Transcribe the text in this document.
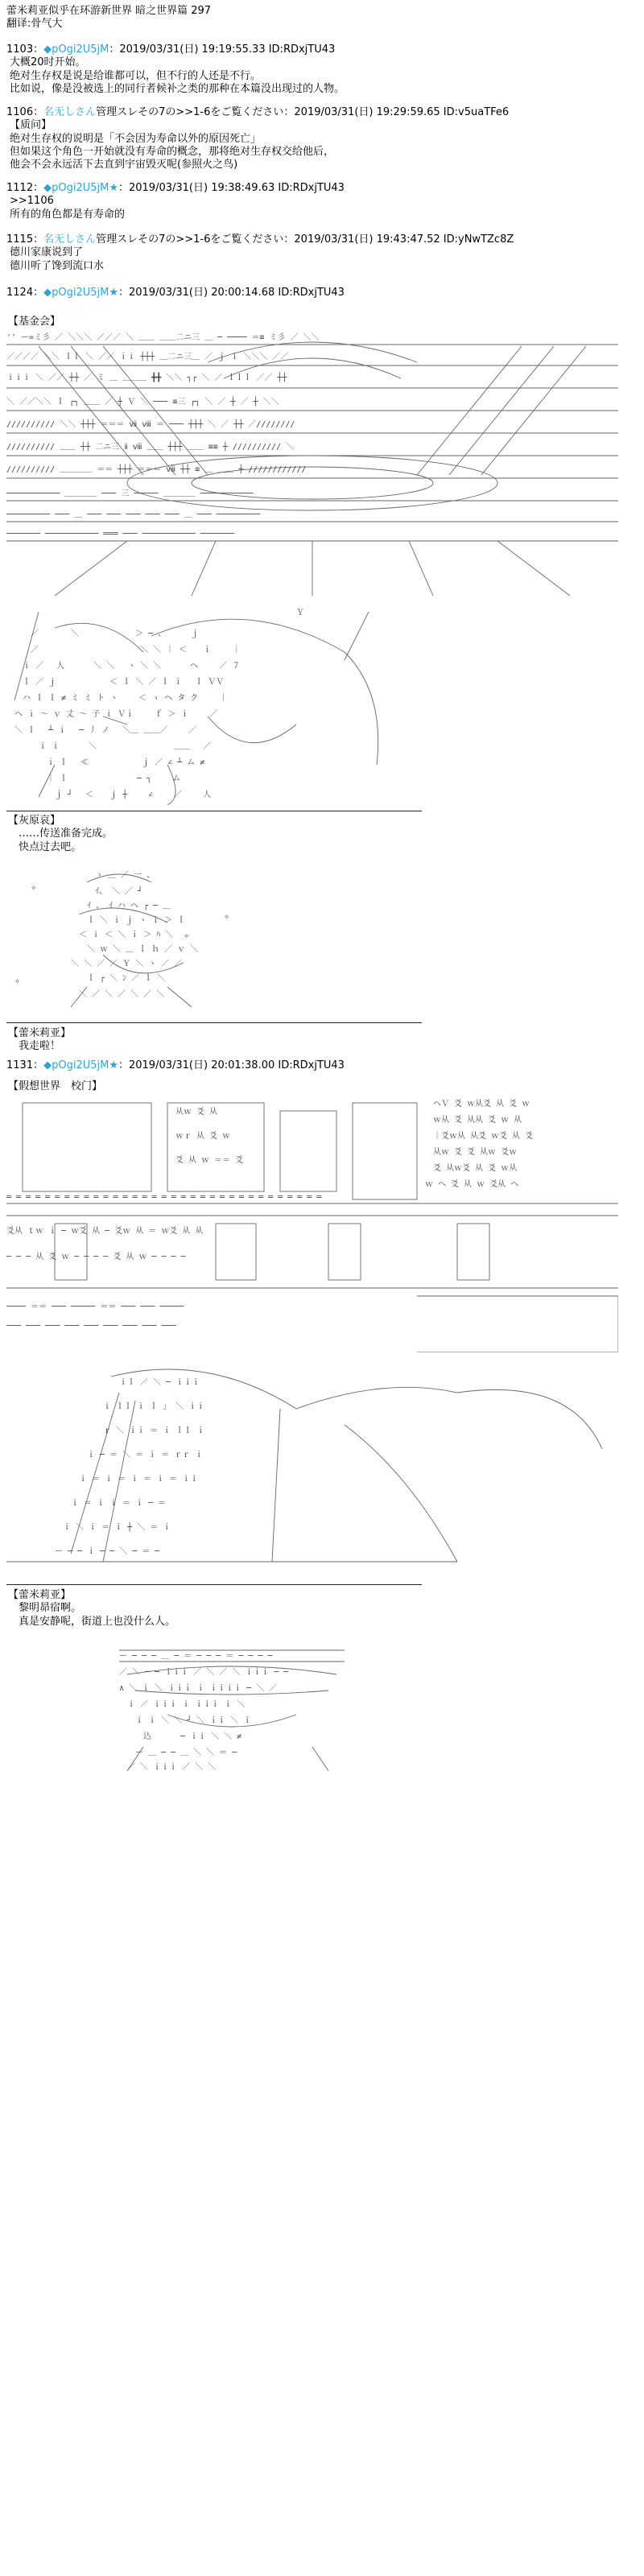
蕾米莉亚似乎在环游新世界 暗之世界篇 297
翻译:骨气大
1103：◆pOgi2U5jM：2019/03/31(日) 19:19:55.33 ID:RDxjTU43
大概20时开始。
绝对生存权是说是给谁都可以，但不行的人还是不行。
比如说，像是没被选上的同行者候补之类的那种在本篇没出现过的人物。
1106：名无しさん管理スレその7の>>1-6をご覧ください：2019/03/31(日) 19:29:59.65 ID:v5uaTFe6
【质问】
绝对生存权的说明是「不会因为寿命以外的原因死亡」
但如果这个角色一开始就没有寿命的概念，那将绝对生存权交给他后，
他会不会永远活下去直到宇宙毁灭呢(参照火之鸟)
1112：◆pOgi2U5jM★：2019/03/31(日) 19:38:49.63 ID:RDxjTU43
>>1106
所有的角色都是有寿命的
1115：名无しさん管理スレその7の>>1-6をご覧ください：2019/03/31(日) 19:43:47.52 ID:yNwTZc8Z
德川家康说到了
德川听了馋到流口水
1124：◆pOgi2U5jM★：2019/03/31(日) 20:00:14.68 ID:RDxjTU43
【基金会】
'' ー=ミ彡 ／ ＼＼＼ ／／／ ＼ ＿＿ ＿＿二ニ三 ＿ ─ ──── ＝≡ ミ彡 ／ ＼＼
／／／／ ＼＼ ｌｌ ＼ ／／ ｉｉ ┼┼┼ ＿二ニ三＿ ／ ｊ ｉ ＼＼＼ ／／
ｉｉｉ ＼ ／／ ┼┼ ／ ミ ＿ ＿＿＿ ╋╋ ＼＼ ┐┌ ＼ ／ ｌｌｌ ／／ ┼┼
＼ ／／＼＼ ｌ ┌┐ ＿＿ ／ ┼ Ｖ ＼ ─── ≡三 ┌┐ ＼ ／ ┼ ／ ┼ ＼＼
////////// ＼＼ ┼┼┼ ＝＝＝ ⅶ ⅷ ＝ ─── ┼┼┼ ＼ ／ ┼┼ ／////////
////////// ＿＿ ┼┼ 二ニ三 ⅱ ⅷ ＿＿ ┼┼┼ ＿＿ ≡≡ ┼ ////////// ＼
////////// ＿＿＿＿ ＝＝ ┼┼┼ ＝＝＝ ⅷ ┼┼ ≡ ＿ ＿＿ ┼ ////////////
─────────── ＿＿＿＿ ─── 三 ───── ＿＿＿＿ ───────────
───────── ─── ＿ ─── ─── ─── ─── ─── ＿ ─── ─────────
─────── ─────────── ═══ ─── ─────────── ───────
Ｙ
／　　　　＼　　　　　　　＞ ─ 、　　　 ｊ
／　　　　　　　　　　　　 ＼ ＼ ｜ ＜　　ｉ　　 ｜
ｉ ／　 人　　　 ＼ ＼　 ヽ ＼ ＼ 　　　ヘ　　 ／ ７
ｌ ／ ｊ　　　　　　 ＜ ｌ ＼ ／ ｌ ｉ　 ｌ ＶＶ
ハ ｌ ｌ ≠ ミ ミ ト ヽ　　 ＜ ゝ ヘ タ ク　　 ｜
ヘ ｉ ～ ｖ 丈 ～ 子 ｉ Ｖｉ　　 ｆ ＞ ｉ　　 ／
＼ ｌ　 ┴ ｉ　 ─ 丿 ノ　 ＼＿ ＿＿／　　 ／
ｉ ｉ　　　 ＼　　　　　　　　　 ＿＿　 ／
ｉ ｌ　 ≪　　　　　　 ｊ ／ ∠ ┴ ム ≠
｜ ｌ　　　　　　　　 ─ ┐　　 ム
ｊ ┘　 ＜　　ｊ ┼　　 ∠　　 ／　　 人
【灰原哀】
　……传送准备完成。
　快点过去吧。
✧
✧
✧
✧
ヽ ＿ ／ 一 、
ｲ、 ＼ ／ ┘
ｲ 、 ｲ ハ ヘ ┌ ─ ＿
ｌ ＼ ｉ ｊ ヽ ｉ ＞ ｌ
＜ ｉ ＜ ＼ ｉ ＞ ﾊ ＼
＼ ｗ ＼ ＿ ｌ ｈ ／ ｖ ＼
＼ ＼ ／ ／ Ｙ ＼ ヽ ／ ／
ｌ ┌ ＼ ﾝ ／ ｌ ＼
＼ ／ ＼ ／ ＼ ／ ＼
【蕾米莉亚】
　我走啦！
1131：◆pOgi2U5jM★：2019/03/31(日) 20:01:38.00 ID:RDxjTU43
【假想世界　校门】
ヘＶ 爻 ｗ从爻 从 爻 ｗ
ｗ从 爻 从从 爻 ｗ 从
｜爻ｗ从 从爻 ｗ爻 从 爻
从ｗ 爻 爻 从ｗ 爻ｗ
爻 从ｗ爻 从 爻 ｗ从
ｗ ヘ 爻 从 ｗ 爻从 ヘ
从ｗ 爻 从
ｗｒ 从 爻 ｗ
爻 从 ｗ ＝＝ 爻
═ ═ ═ ═ ═ ═ ═ ═ ═ ═ ═ ═ ═ ═ ═ ═ ═ ═ ═ ═ ═ ═ ═ ═ ═ ═ ═ ═ ═ ═ ═ ═ ═
爻从 ｔｗ ｉ ─ ｗ爻 从 ─ 爻ｗ 从 ＝ ｗ爻 从 从
─ ─ ─ 从 爻 ｗ ─ ─ ─ ─ 爻 从 ｗ ─ ─ ─ ─
──── ＝＝ ─── ───── ＝＝ ─── ─── ─────
─── ─── ─── ─── ─── ─── ─── ─── ───
ｉｌ ／ ＼ ─ ｉｉｉ
ｉ ｌｌ ｉ ｌ 」 ＼ ｉｉ
ｒ ＼ ｉｉ ＝ ｉ ｌｌ ｉ
ｉ ─ ＝ ＼ ＝ ｉ ＝ ｒｒ ｉ
ｉ ＝ ｉ ＝ ｉ ＝ ｉ ＝ ｉｉ
ｉ ＝ ｉ ｉ ＝ ｉ ─ ＝
ｉ ＼ ｉ ＝ ｉ ┼ ＼ ＝ ｉ
ー ─ ─ ｉ ─ ─ ＼ ─ ＝ ─
【蕾米莉亚】
　黎明昴宿啊。
　真是安静呢，街道上也没什么人。
ー ─ ─ ─ ＿ ─ ＝ ─ ─ ─ ＝ ─ ─ ─ ─
／ ＼ ─ ─ ｉｉｉ ／ ＼ ／ ＼ ｉｉｉ ─ ─
∧ ＼ ｉ ＼ ｉｉｉ ｉ ｉｉｉｉ ─ ＼ ／
ｉ ／ ｉｉｉ ｉ ｉｉｉ ｉ ＼
ｉ ｉ ＼ ＼ ┘ ＼ ｉｉ ＼ ｉ
込　　　 ─ ｉｉ ＼ ＼ ≠
ー ＿ ─ ─ ＿ ＼ ＼ ＝ ─
／ ＼ ｉｉｉ ／ ＼ ＼
